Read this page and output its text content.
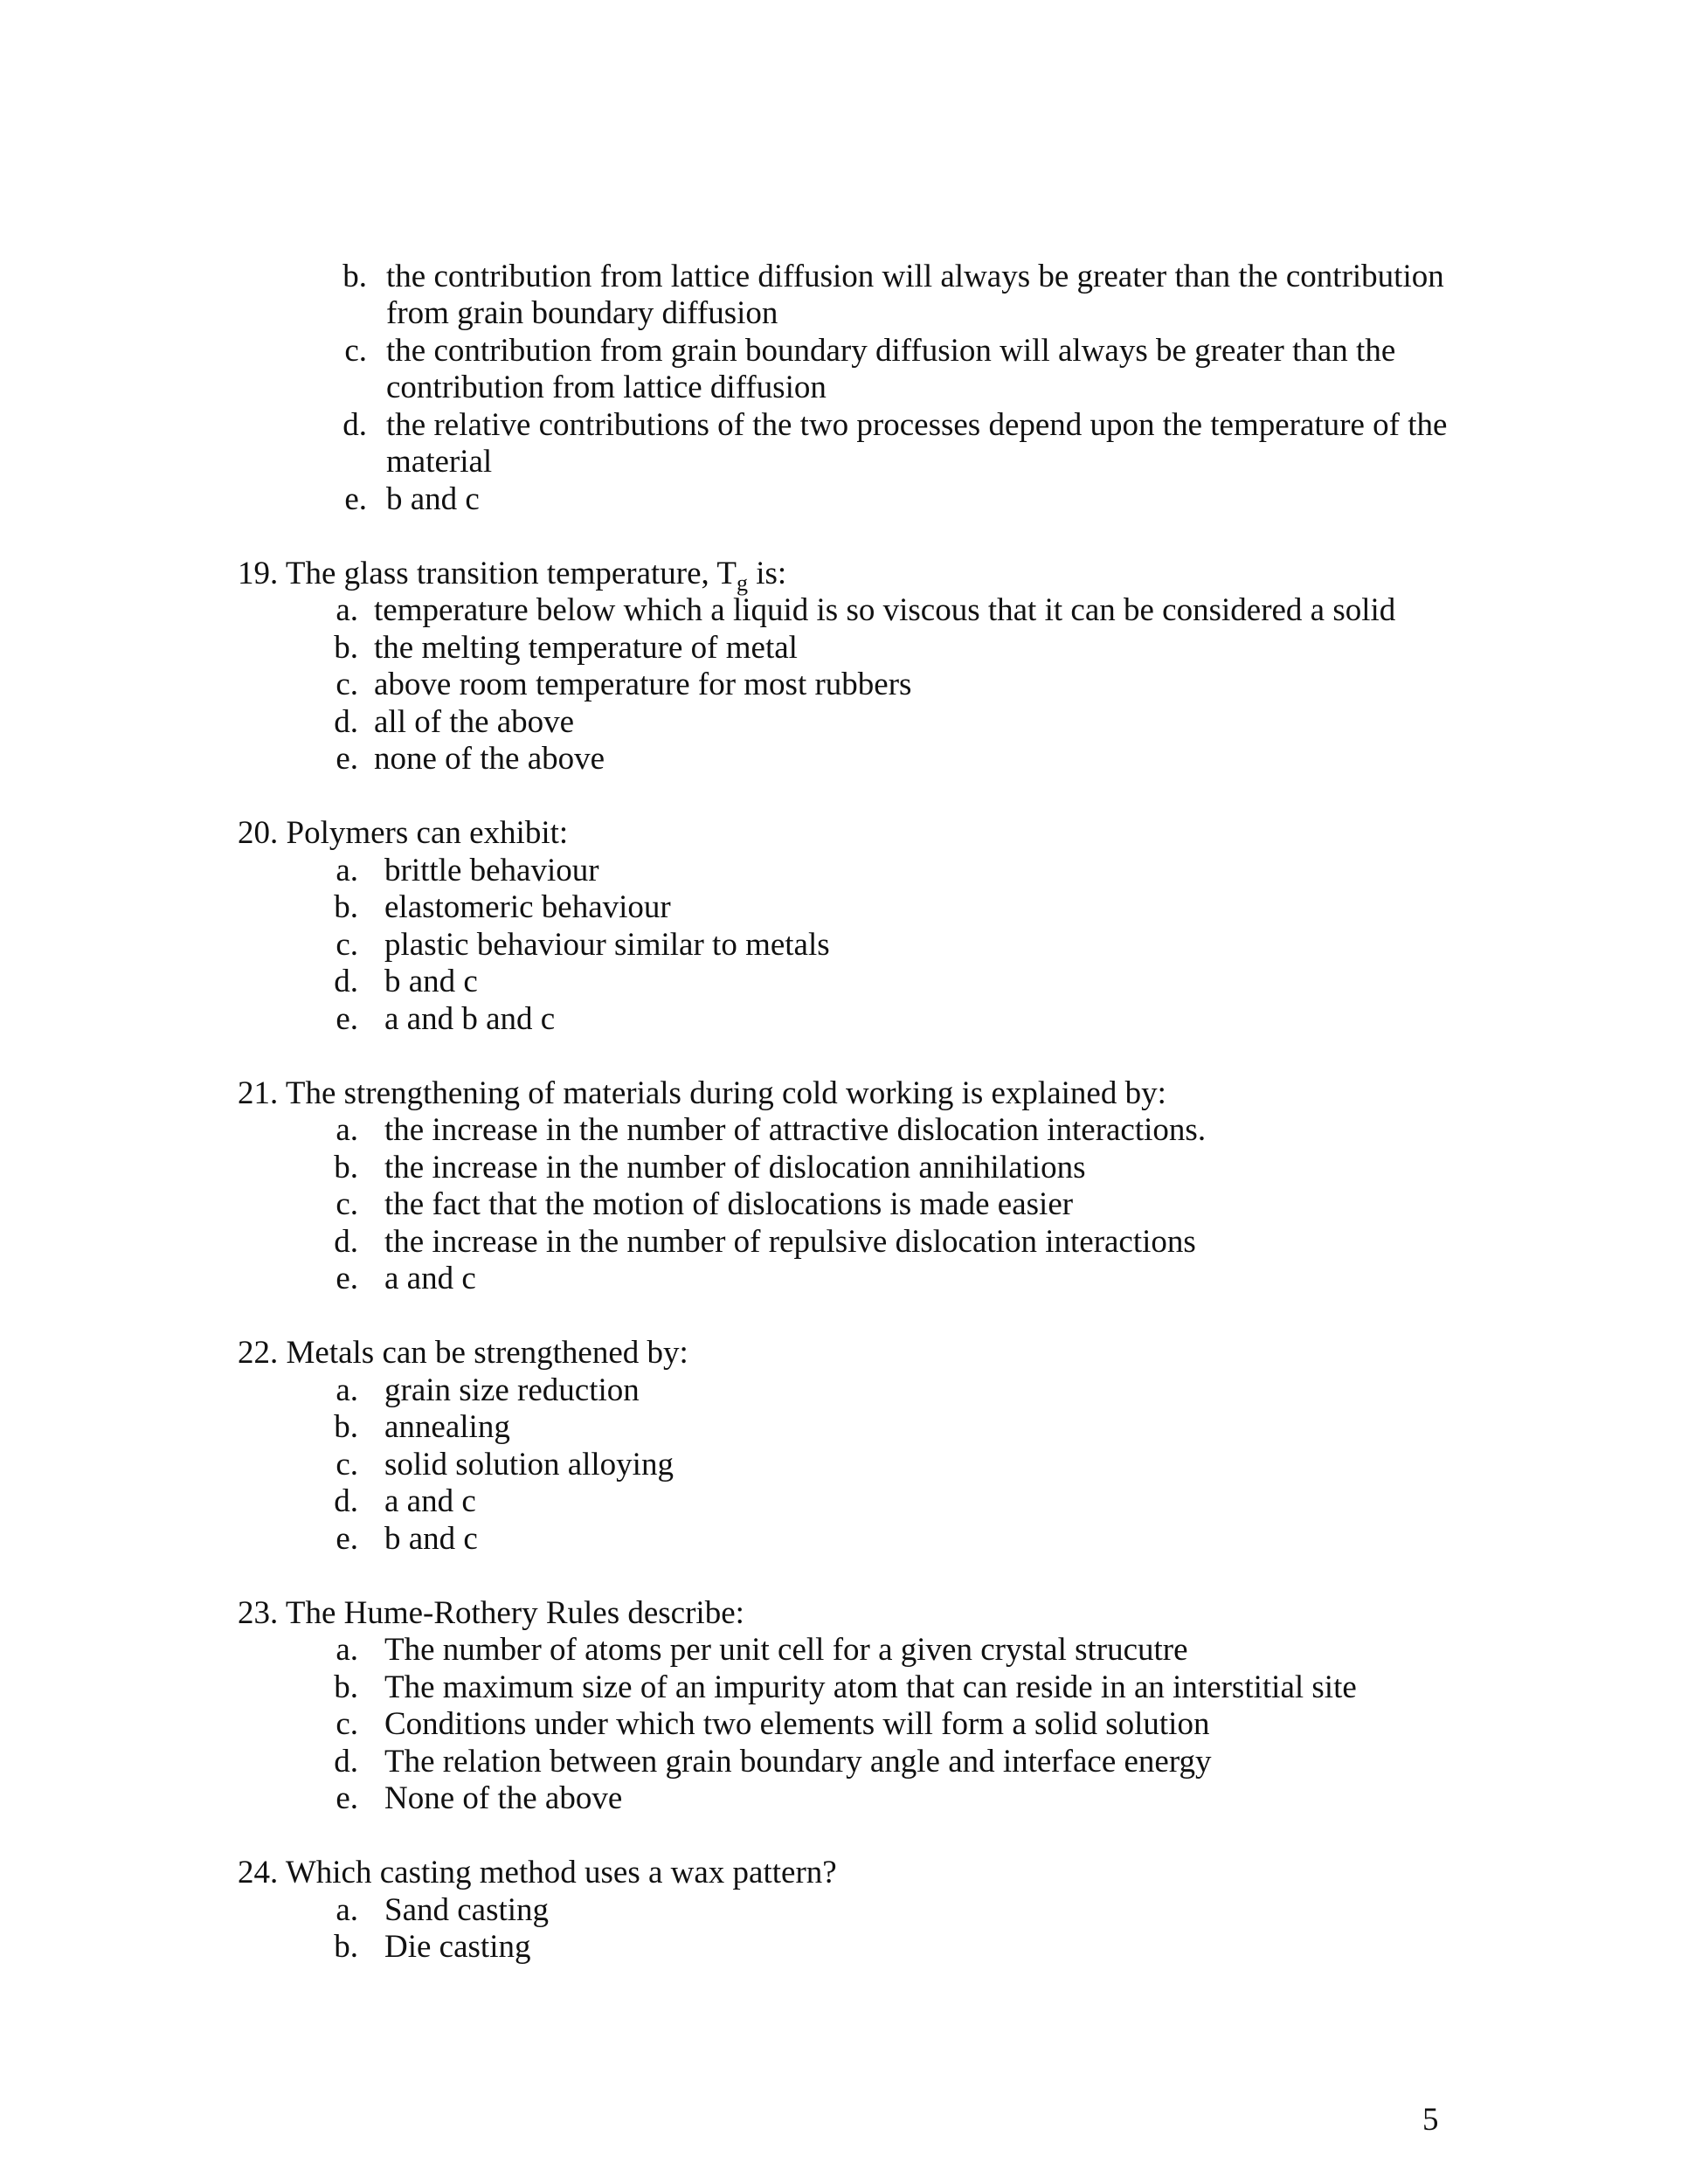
b. the contribution from lattice diffusion will always be greater than the contribution
from grain boundary diffusion
c. the contribution from grain boundary diffusion will always be greater than the
contribution from lattice diffusion
d. the relative contributions of the two processes depend upon the temperature of the
material
e. b and c
19. The glass transition temperature, $T_g$ is:
a. temperature below which a liquid is so viscous that it can be considered a solid
b. the melting temperature of metal
c. above room temperature for most rubbers
d. all of the above
e. none of the above
20. Polymers can exhibit:
a. brittle behaviour
b. elastomeric behaviour
c. plastic behaviour similar to metals
d. b and c
e. a and b and c
21. The strengthening of materials during cold working is explained by:
a. the increase in the number of attractive dislocation interactions.
b. the increase in the number of dislocation annihilations
c. the fact that the motion of dislocations is made easier
d. the increase in the number of repulsive dislocation interactions
e. a and c
22. Metals can be strengthened by:
a. grain size reduction
b. annealing
c. solid solution alloying
d. a and c
e. b and c
23. The Hume-Rothery Rules describe:
a. The number of atoms per unit cell for a given crystal strucutre
b. The maximum size of an impurity atom that can reside in an interstitial site
c. Conditions under which two elements will form a solid solution
d. The relation between grain boundary angle and interface energy
e. None of the above
24. Which casting method uses a wax pattern?
a. Sand casting
b. Die casting
5
